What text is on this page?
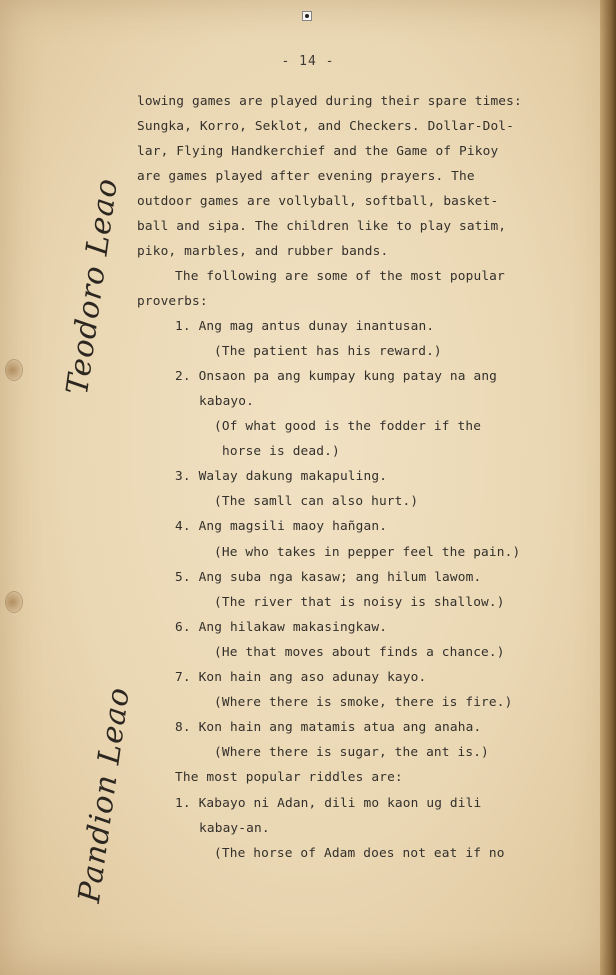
- 14 -
lowing games are played during their spare times:
Sungka, Korro, Seklot, and Checkers. Dollar-Dol-
lar, Flying Handkerchief and the Game of Pikoy
are games played after evening prayers. The
outdoor games are vollyball, softball, basket-
ball and sipa. The children like to play satim,
piko, marbles, and rubber bands.
The following are some of the most popular
proverbs:
1. Ang mag antus dunay inantusan.
(The patient has his reward.)
2. Onsaon pa ang kumpay kung patay na ang
kabayo.
(Of what good is the fodder if the
horse is dead.)
3. Walay dakung makapuling.
(The samll can also hurt.)
4. Ang magsili maoy hañgan.
(He who takes in pepper feel the pain.)
5. Ang suba nga kasaw; ang hilum lawom.
(The river that is noisy is shallow.)
6. Ang hilakaw makasingkaw.
(He that moves about finds a chance.)
7. Kon hain ang aso adunay kayo.
(Where there is smoke, there is fire.)
8. Kon hain ang matamis atua ang anaha.
(Where there is sugar, the ant is.)
The most popular riddles are:
1. Kabayo ni Adan, dili mo kaon ug dili
kabay-an.
(The horse of Adam does not eat if no
Teodoro Leao
Pandion Leao
